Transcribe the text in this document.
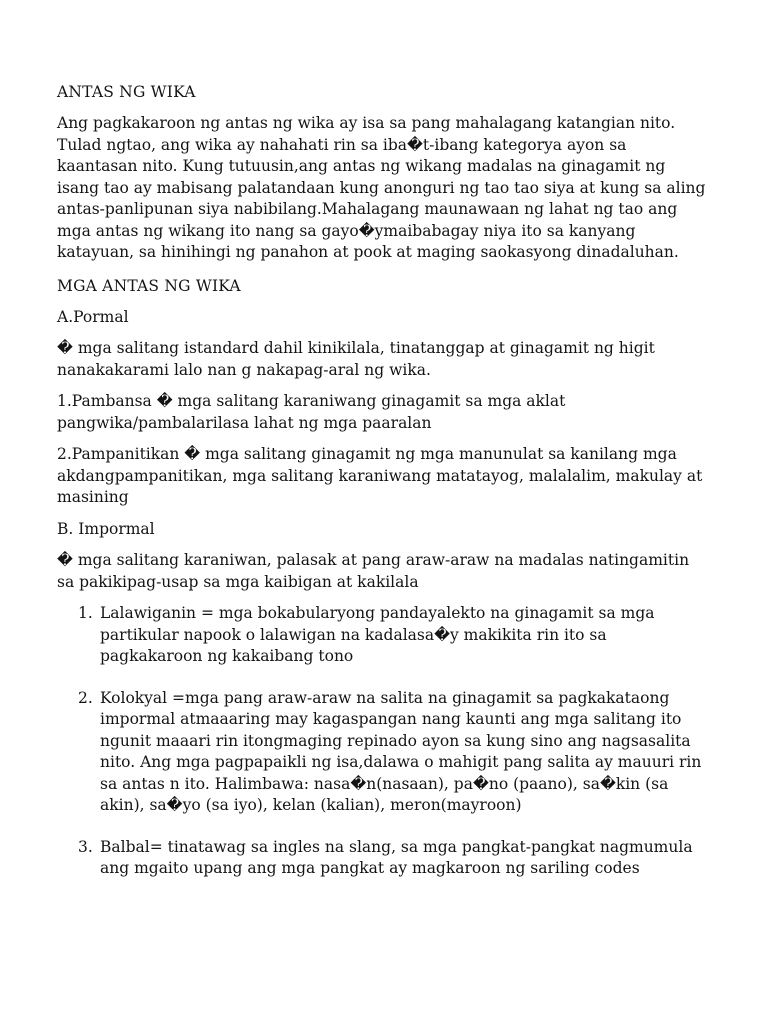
ANTAS NG WIKA

Ang pagkakaroon ng antas ng wika ay isa sa pang mahalagang katangian nito. Tulad ngtao, ang wika ay nahahati rin sa iba�t-ibang kategorya ayon sa kaantasan nito. Kung tutuusin,ang antas ng wikang madalas na ginagamit ng isang tao ay mabisang palatandaan kung anonguri ng tao tao siya at kung sa aling antas-panlipunan siya nabibilang.Mahalagang maunawaan ng lahat ng tao ang mga antas ng wikang ito nang sa gayo�ymaibabagay niya ito sa kanyang katayuan, sa hinihingi ng panahon at pook at maging saokasyong dinadaluhan.

MGA ANTAS NG WIKA

A.Pormal

� mga salitang istandard dahil kinikilala, tinatanggap at ginagamit ng higit nanakakarami lalo nan g nakapag-aral ng wika.

1.Pambansa � mga salitang karaniwang ginagamit sa mga aklat pangwika/pambalarilasa lahat ng mga paaralan

2.Pampanitikan � mga salitang ginagamit ng mga manunulat sa kanilang mga akdangpampanitikan, mga salitang karaniwang matatayog, malalalim, makulay at masining

B. Impormal

� mga salitang karaniwan, palasak at pang araw-araw na madalas natingamitin sa pakikipag-usap sa mga kaibigan at kakilala

1. Lalawiganin = mga bokabularyong pandayalekto na ginagamit sa mga partikular napook o lalawigan na kadalasa�y makikita rin ito sa pagkakaroon ng kakaibang tono
2. Kolokyal =mga pang araw-araw na salita na ginagamit sa pagkakataong impormal atmaaaring may kagaspangan nang kaunti ang mga salitang ito ngunit maaari rin itongmaging repinado ayon sa kung sino ang nagsasalita nito. Ang mga pagpapaikli ng isa,dalawa o mahigit pang salita ay mauuri rin sa antas n ito. Halimbawa: nasa�n(nasaan), pa�no (paano), sa�kin (sa akin), sa�yo (sa iyo), kelan (kalian), meron(mayroon)
3. Balbal= tinatawag sa ingles na slang, sa mga pangkat-pangkat nagmumula ang mgaito upang ang mga pangkat ay magkaroon ng sariling codes
